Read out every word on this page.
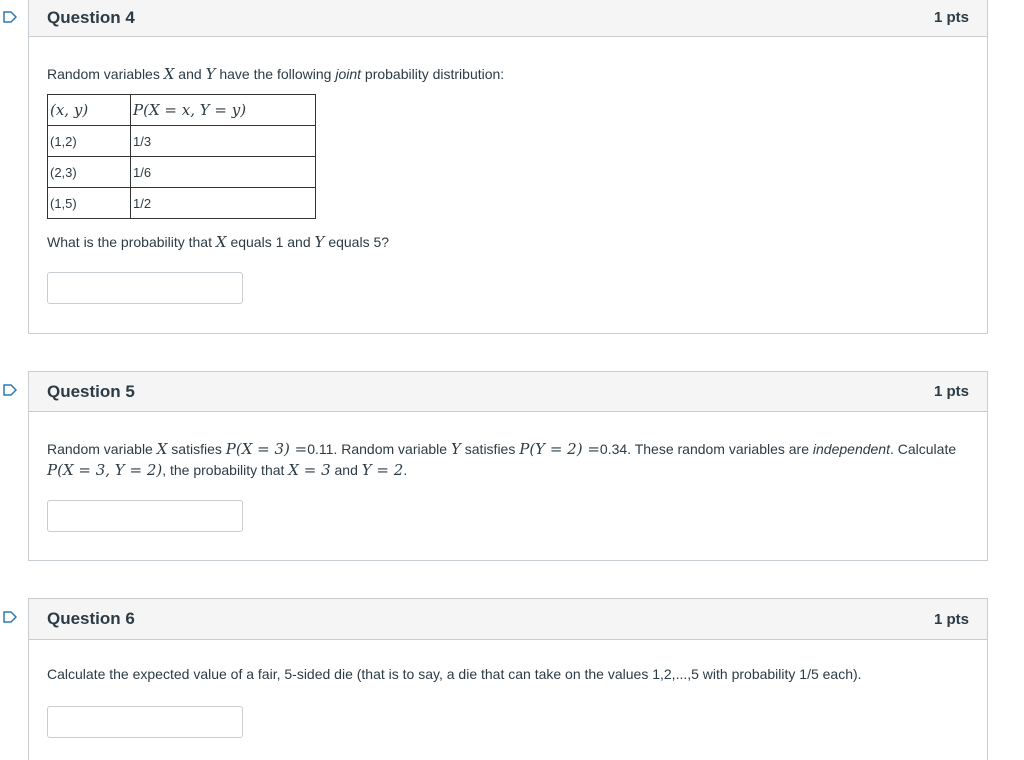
Question 4	1 pts
Random variables X and Y have the following joint probability distribution:
(x, y)	P(X = x, Y = y)
(1,2)	1/3
(2,3)	1/6
(1,5)	1/2
What is the probability that X equals 1 and Y equals 5?
Question 5	1 pts
Random variable X satisfies P(X = 3) =0.11. Random variable Y satisfies P(Y = 2) =0.34. These random variables are independent. Calculate
P(X = 3, Y = 2), the probability that X = 3 and Y = 2.
Question 6	1 pts
Calculate the expected value of a fair, 5-sided die (that is to say, a die that can take on the values 1,2,...,5 with probability 1/5 each).
